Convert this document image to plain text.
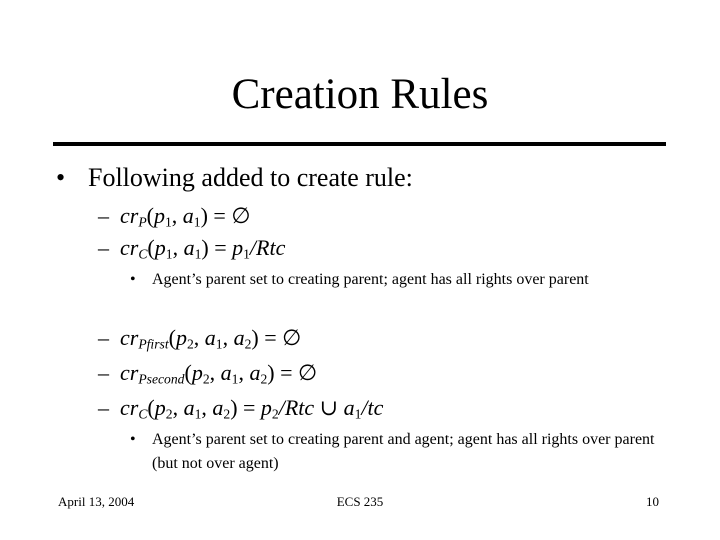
Creation Rules
• Following added to create rule:
– $cr_P(p_1$, $a_1$) = ∅
– $cr_C(p_1$, $a_1) = p_1/Rtc$
•	Agent’s parent set to creating parent; agent has all rights over parent
– $cr_{Pfirst}(p_2$, $a_1$, $a_2$) = ∅
– $cr_{Psecond}(p_2$, $a_1$, $a_2$) = ∅
– $cr_C(p_2$, $a_1$, $a_2) = p_2/Rtc$ ∪ $a_1/tc$
•	Agent’s parent set to creating parent and agent; agent has all rights over parent (but not over agent)
April 13, 2004	ECS 235	10
